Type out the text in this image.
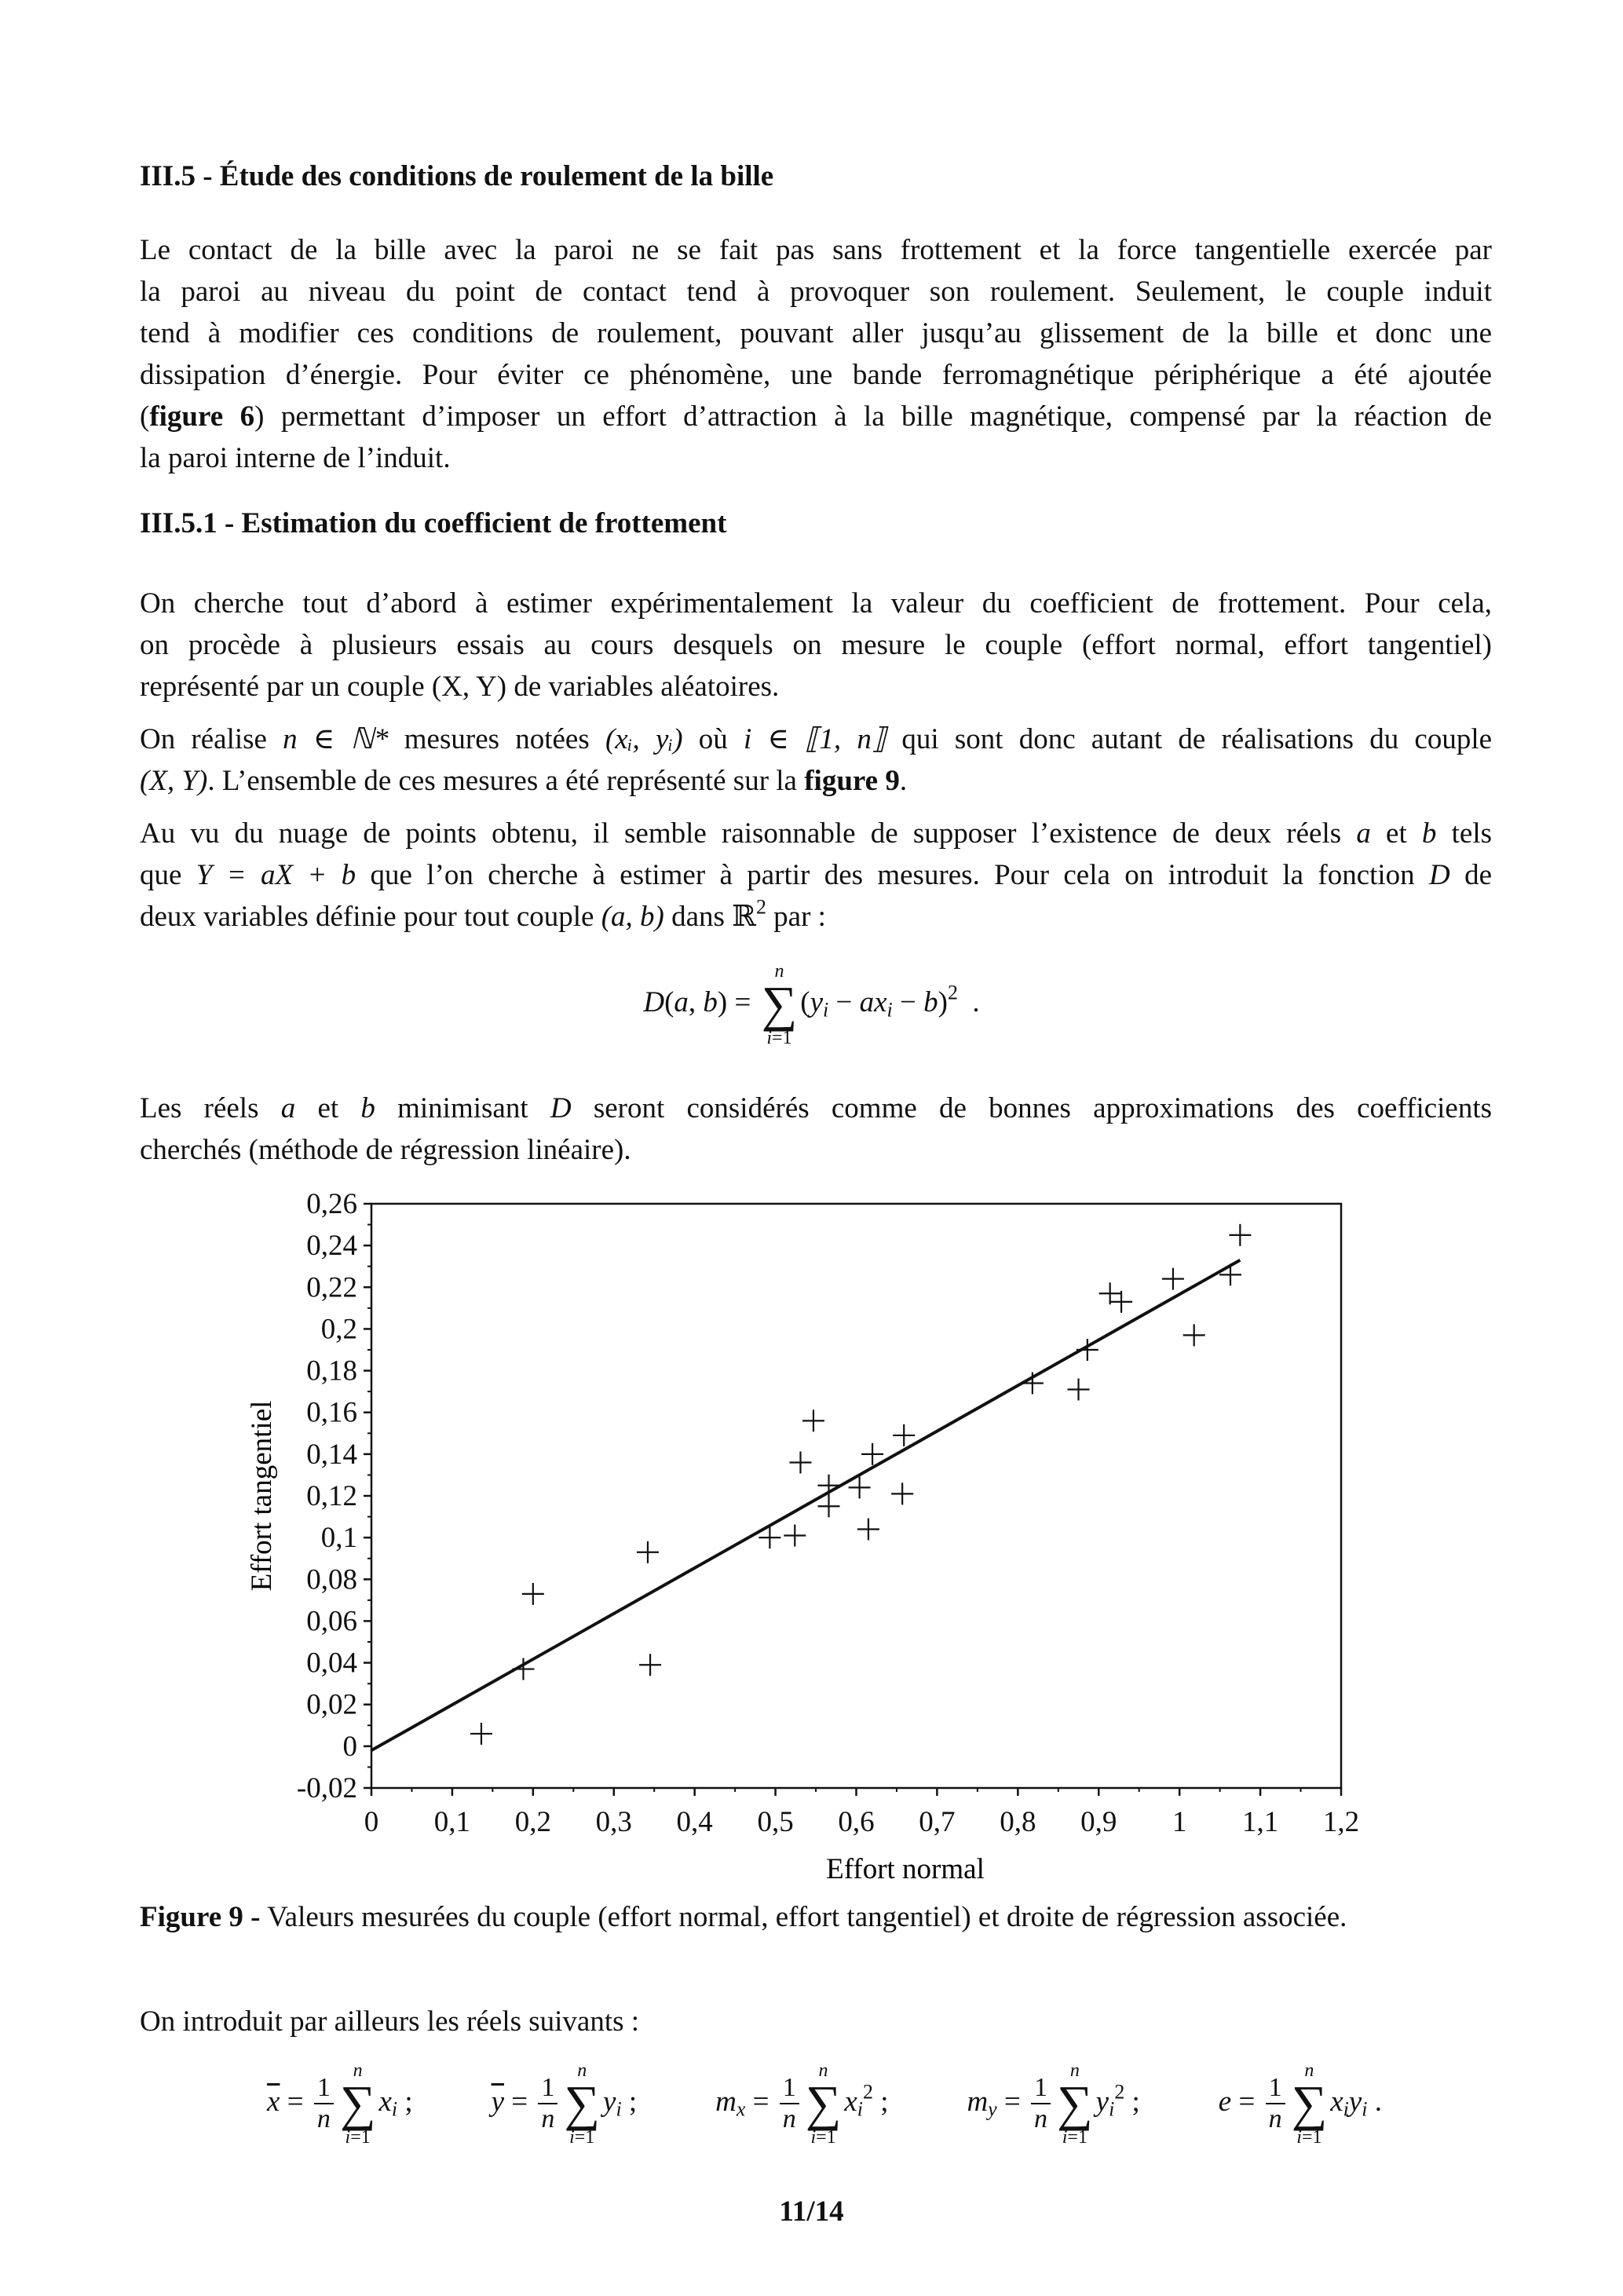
III.5 - Étude des conditions de roulement de la bille
Le contact de la bille avec la paroi ne se fait pas sans frottement et la force tangentielle exercée par
la paroi au niveau du point de contact tend à provoquer son roulement. Seulement, le couple induit
tend à modifier ces conditions de roulement, pouvant aller jusqu’au glissement de la bille et donc une
dissipation d’énergie. Pour éviter ce phénomène, une bande ferromagnétique périphérique a été ajoutée
(figure 6) permettant d’imposer un effort d’attraction à la bille magnétique, compensé par la réaction de
la paroi interne de l’induit.
III.5.1 - Estimation du coefficient de frottement
On cherche tout d’abord à estimer expérimentalement la valeur du coefficient de frottement. Pour cela,
on procède à plusieurs essais au cours desquels on mesure le couple (effort normal, effort tangentiel)
représenté par un couple (X, Y) de variables aléatoires.
On réalise n ∈ ℕ* mesures notées (xᵢ, yᵢ) où i ∈ ⟦1, n⟧ qui sont donc autant de réalisations du couple
(X, Y). L’ensemble de ces mesures a été représenté sur la figure 9.
Au vu du nuage de points obtenu, il semble raisonnable de supposer l’existence de deux réels a et b tels
que Y = aX + b que l’on cherche à estimer à partir des mesures. Pour cela on introduit la fonction D de
deux variables définie pour tout couple (a, b) dans ℝ$^2$ par :
D(a, b) =
n
∑
i=1
$(y_i - ax_i - b)^2$  .
Les réels a et b minimisant D seront considérés comme de bonnes approximations des coefficients
cherchés (méthode de régression linéaire).
0,26
0,24
0,22
0,2
0,18
0,16
0,14
0,12
0,1
0,08
0,06
0,04
0,02
0
-0,02
0 0,1 0,2 0,3 0,4 0,5 0,6 0,7 0,8 0,9 1 1,1 1,2
Effort tangentiel
Effort normal
Figure 9 - Valeurs mesurées du couple (effort normal, effort tangentiel) et droite de régression associée.
On introduit par ailleurs les réels suivants :
$\overline{x} = \frac{1}{n}$
n
∑
i=1
$x_i$ ;	$\overline{y} = \frac{1}{n}$
n
∑
i=1
$y_i$ ;	$m_x = \frac{1}{n}$
n
∑
i=1
$x_i^2$ ;	$m_y = \frac{1}{n}$
n
∑
i=1
$y_i^2$ ;	$e = \frac{1}{n}$
n
∑
i=1
$x_iy_i$ .
11/14
